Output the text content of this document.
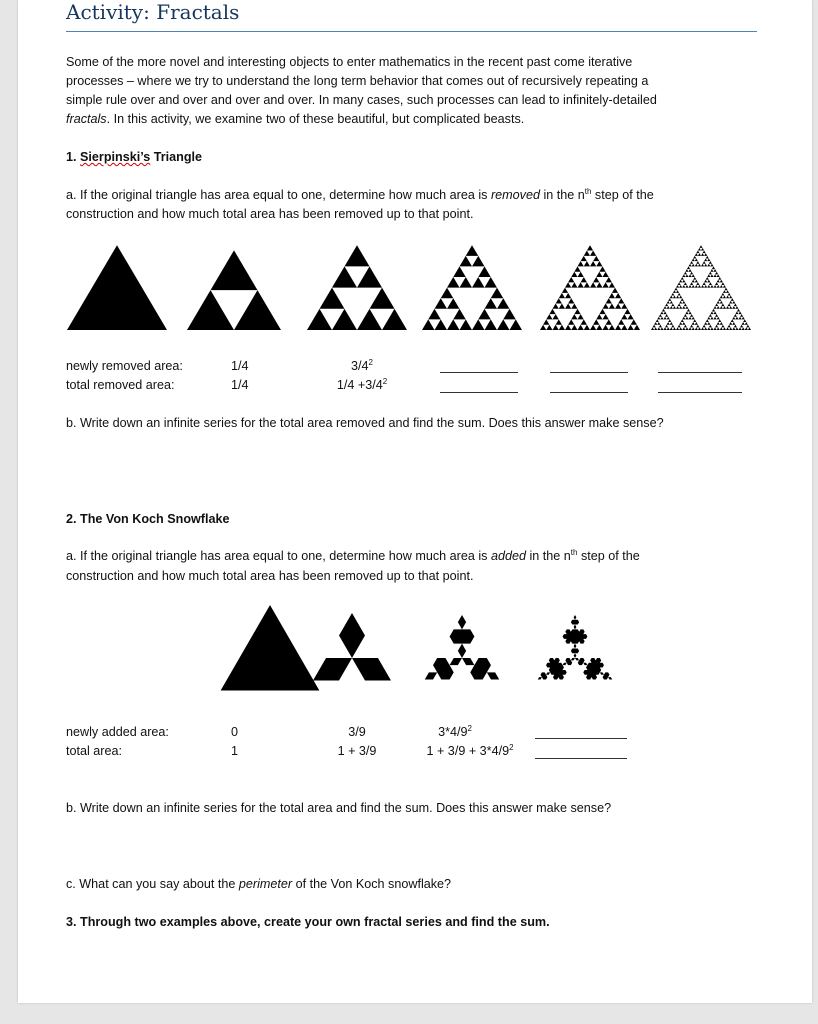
Activity: Fractals
Some of the more novel and interesting objects to enter mathematics in the recent past come iterative
processes – where we try to understand the long term behavior that comes out of recursively repeating a
simple rule over and over and over and over. In many cases, such processes can lead to infinitely-detailed
fractals. In this activity, we examine two of these beautiful, but complicated beasts.
1. Sierpinski’s Triangle
a. If the original triangle has area equal to one, determine how much area is removed in the $n^{th}$ step of the
construction and how much total area has been removed up to that point.
newly removed area:	1/4	$3/4^2$
total removed area:	1/4	$1/4 +3/4^2$
b. Write down an infinite series for the total area removed and find the sum. Does this answer make sense?
2. The Von Koch Snowflake
a. If the original triangle has area equal to one, determine how much area is added in the $n^{th}$ step of the
construction and how much total area has been removed up to that point.
newly added area:	0	3/9	$3*4/9^2$
total area:	1	1 + 3/9	$1 + 3/9 + 3*4/9^2$
b. Write down an infinite series for the total area and find the sum. Does this answer make sense?
c. What can you say about the perimeter of the Von Koch snowflake?
3. Through two examples above, create your own fractal series and find the sum.
